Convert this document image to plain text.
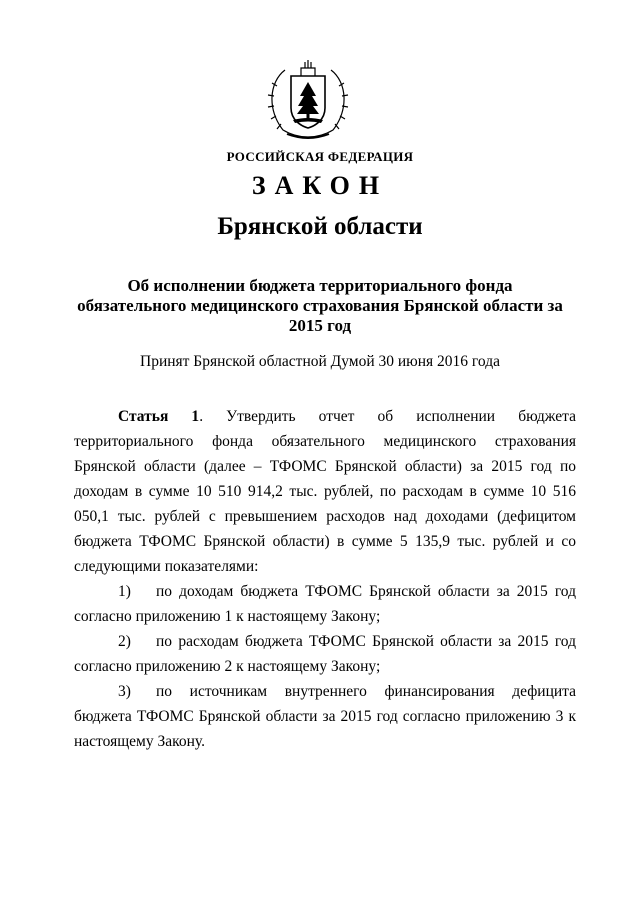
РОССИЙСКАЯ ФЕДЕРАЦИЯ
ЗАКОН
Брянской области
Об исполнении бюджета территориального фонда
обязательного медицинского страхования Брянской области за
2015 год
Принят Брянской областной Думой 30 июня 2016 года

Статья 1. Утвердить отчет об исполнении бюджета территориального фонда обязательного медицинского страхования Брянской области (далее – ТФОМС Брянской области) за 2015 год по доходам в сумме 10 510 914,2 тыс. рублей, по расходам в сумме 10 516 050,1 тыс. рублей с превышением расходов над доходами (дефицитом бюджета ТФОМС Брянской области) в сумме 5 135,9 тыс. рублей и со следующими показателями:

1) по доходам бюджета ТФОМС Брянской области за 2015 год согласно приложению 1 к настоящему Закону;

2) по расходам бюджета ТФОМС Брянской области за 2015 год согласно приложению 2 к настоящему Закону;

3) по источникам внутреннего финансирования дефицита бюджета ТФОМС Брянской области за 2015 год согласно приложению 3 к настоящему Закону.
